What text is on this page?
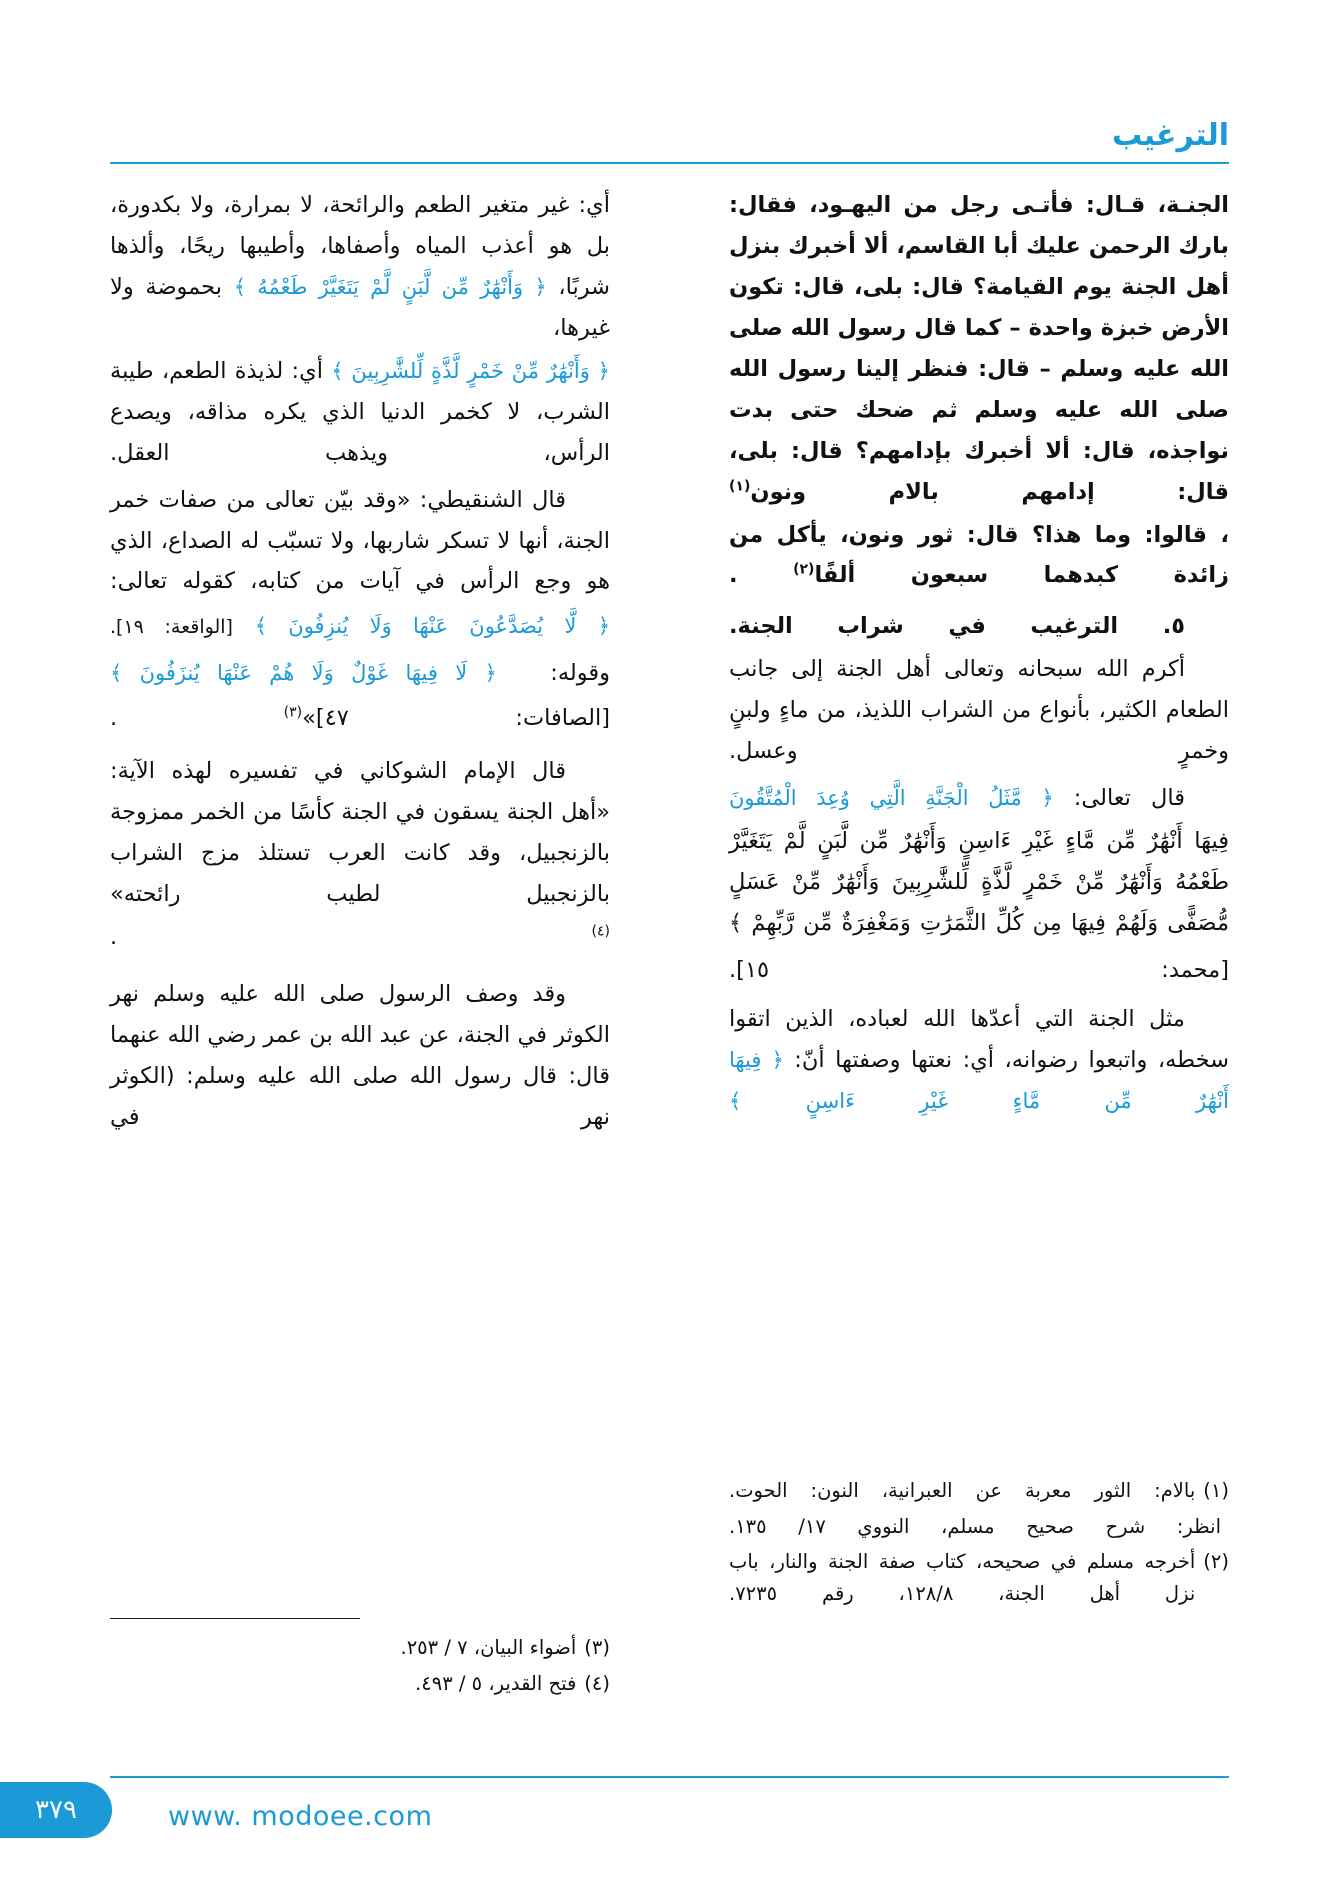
الترغيب

الجنـة، قـال: فأتـى رجل من اليهـود، فقال: بارك الرحمن عليك أبا القاسم، ألا أخبرك بنزل أهل الجنة يوم القيامة؟ قال: بلى، قال: تكون الأرض خبزة واحدة – كما قال رسول الله صلى الله عليه وسلم – قال: فنظر إلينا رسول الله صلى الله عليه وسلم ثم ضحك حتى بدت نواجذه، قال: ألا أخبرك بإدامهم؟ قال: بلى، قال: إدامهم بالام ونون$^{(١)}$

، قالوا: وما هذا؟ قال: ثور ونون، يأكل من زائدة كبدهما سبعون ألفًا$^{(٢)}$ .

٥. الترغيب في شراب الجنة.

أكرم الله سبحانه وتعالى أهل الجنة إلى جانب الطعام الكثير، بأنواع من الشراب اللذيذ، من ماءٍ ولبنٍ وخمرٍ وعسل.

قال تعالى: ﴿ مَّثَلُ الْجَنَّةِ الَّتِي وُعِدَ الْمُتَّقُونَ

فِيهَا أَنْهَٰرٌ مِّن مَّاءٍ غَيْرِ ءَاسِنٍ وَأَنْهَٰرٌ مِّن لَّبَنٍ لَّمْ يَتَغَيَّرْ طَعْمُهُ وَأَنْهَٰرٌ مِّنْ خَمْرٍ لَّذَّةٍ لِّلشَّٰرِبِينَ وَأَنْهَٰرٌ مِّنْ عَسَلٍ مُّصَفًّى وَلَهُمْ فِيهَا مِن كُلِّ الثَّمَرَٰتِ وَمَغْفِرَةٌ مِّن رَّبِّهِمْ ﴾

[محمد: ١٥].

مثل الجنة التي أعدّها الله لعباده، الذين اتقوا سخطه، واتبعوا رضوانه، أي: نعتها وصفتها أنّ: ﴿ فِيهَا أَنْهَٰرٌ مِّن مَّاءٍ غَيْرِ ءَاسِنٍ ﴾

(١)
بالام: الثور معربة عن العبرانية، النون: الحوت.
انظر: شرح صحيح مسلم، النووي ١٧/ ١٣٥.
(٢)
أخرجه مسلم في صحيحه، كتاب صفة الجنة والنار، باب نزل أهل الجنة، ١٢٨/٨، رقم ٧٢٣٥.

أي: غير متغير الطعم والرائحة، لا بمرارة، ولا بكدورة، بل هو أعذب المياه وأصفاها، وأطيبها ريحًا، وألذها شربًا، ﴿ وَأَنْهَٰرٌ مِّن لَّبَنٍ لَّمْ يَتَغَيَّرْ طَعْمُهُ ﴾ بحموضة ولا غيرها،

﴿ وَأَنْهَٰرٌ مِّنْ خَمْرٍ لَّذَّةٍ لِّلشَّٰرِبِينَ ﴾ أي: لذيذة الطعم، طيبة الشرب، لا كخمر الدنيا الذي يكره مذاقه، ويصدع الرأس، ويذهب العقل.

قال الشنقيطي: «وقد بيّن تعالى من صفات خمر الجنة، أنها لا تسكر شاربها، ولا تسبّب له الصداع، الذي هو وجع الرأس في آيات من كتابه، كقوله تعالى:

﴿ لَّا يُصَدَّعُونَ عَنْهَا وَلَا يُنزِفُونَ ﴾ [الواقعة: ١٩].

وقوله:   ﴿ لَا فِيهَا غَوْلٌ وَلَا هُمْ عَنْهَا يُنزَفُونَ ﴾

[الصافات: ٤٧]»$^{(٣)}$ .

قال الإمام الشوكاني في تفسيره لهذه الآية: «أهل الجنة يسقون في الجنة كأسًا من الخمر ممزوجة بالزنجبيل، وقد كانت العرب تستلذ مزج الشراب بالزنجبيل لطيب رائحته»

$^{(٤)}$ .

وقد وصف الرسول صلى الله عليه وسلم نهر الكوثر في الجنة، عن عبد الله بن عمر رضي الله عنهما قال: قال رسول الله صلى الله عليه وسلم: (الكوثر نهر في

(٣)
أضواء البيان، ٧ / ٢٥٣.
(٤)
فتح القدير، ٥ / ٤٩٣.
٣٧٩	www. modoee.com
